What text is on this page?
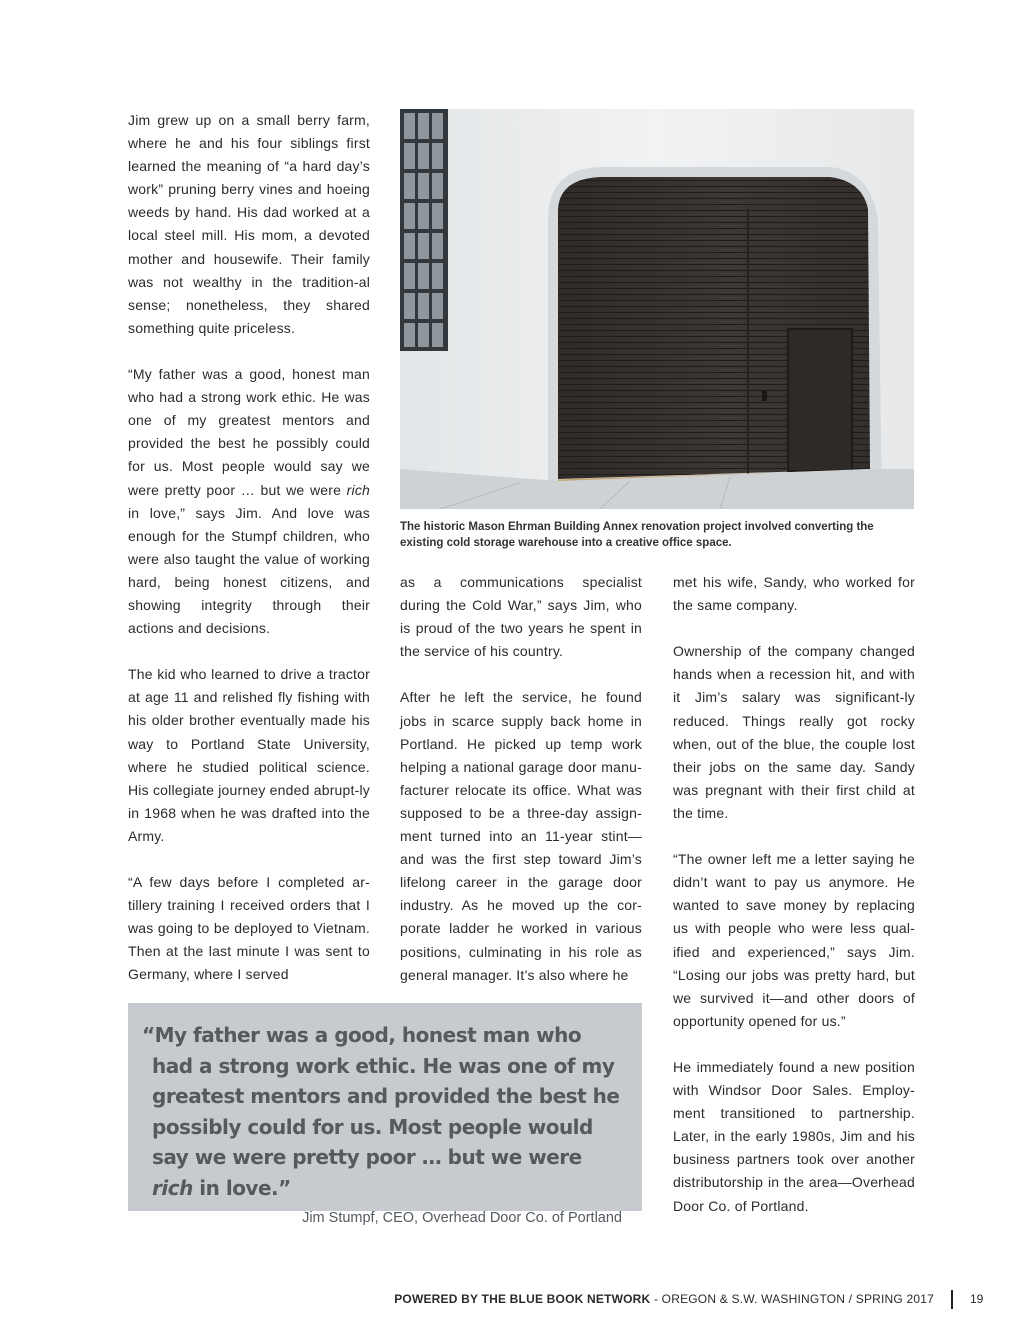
Jim grew up on a small berry farm, where he and his four siblings first learned the meaning of “a hard day’s work” pruning berry vines and hoeing weeds by hand. His dad worked at a local steel mill. His mom, a devoted mother and housewife. Their family was not wealthy in the tradition-al sense; nonetheless, they shared something quite priceless.

“My father was a good, honest man who had a strong work ethic. He was one of my greatest mentors and provided the best he possibly could for us. Most people would say we were pretty poor … but we were rich in love,” says Jim. And love was enough for the Stumpf children, who were also taught the value of working hard, being honest citizens, and showing integrity through their actions and decisions.

The kid who learned to drive a tractor at age 11 and relished fly fishing with his older brother eventually made his way to Portland State University, where he studied political science. His collegiate journey ended abrupt-ly in 1968 when he was drafted into the Army.

“A few days before I completed ar-tillery training I received orders that I was going to be deployed to Vietnam. Then at the last minute I was sent to Germany, where I served

The historic Mason Ehrman Building Annex renovation project involved converting the existing cold storage warehouse into a creative office space.

as a communications specialist during the Cold War,” says Jim, who is proud of the two years he spent in the service of his country.

After he left the service, he found jobs in scarce supply back home in Portland. He picked up temp work helping a national garage door manu-facturer relocate its office. What was supposed to be a three-day assign-ment turned into an 11-year stint—and was the first step toward Jim’s lifelong career in the garage door industry. As he moved up the cor-porate ladder he worked in various positions, culminating in his role as general manager. It’s also where he

met his wife, Sandy, who worked for the same company.

Ownership of the company changed hands when a recession hit, and with it Jim’s salary was significant-ly reduced. Things really got rocky when, out of the blue, the couple lost their jobs on the same day. Sandy was pregnant with their first child at the time.

“The owner left me a letter saying he didn’t want to pay us anymore. He wanted to save money by replacing us with people who were less qual-ified and experienced,” says Jim. “Losing our jobs was pretty hard, but we survived it—and other doors of opportunity opened for us.”

He immediately found a new position with Windsor Door Sales. Employ-ment transitioned to partnership. Later, in the early 1980s, Jim and his business partners took over another distributorship in the area—Overhead Door Co. of Portland.

“My father was a good, honest man who had a strong work ethic. He was one of my greatest mentors and provided the best he possibly could for us. Most people would say we were pretty poor … but we were rich in love.”
Jim Stumpf, CEO, Overhead Door Co. of Portland
POWERED BY THE BLUE BOOK NETWORK - OREGON & S.W. WASHINGTON / SPRING 2017	19
